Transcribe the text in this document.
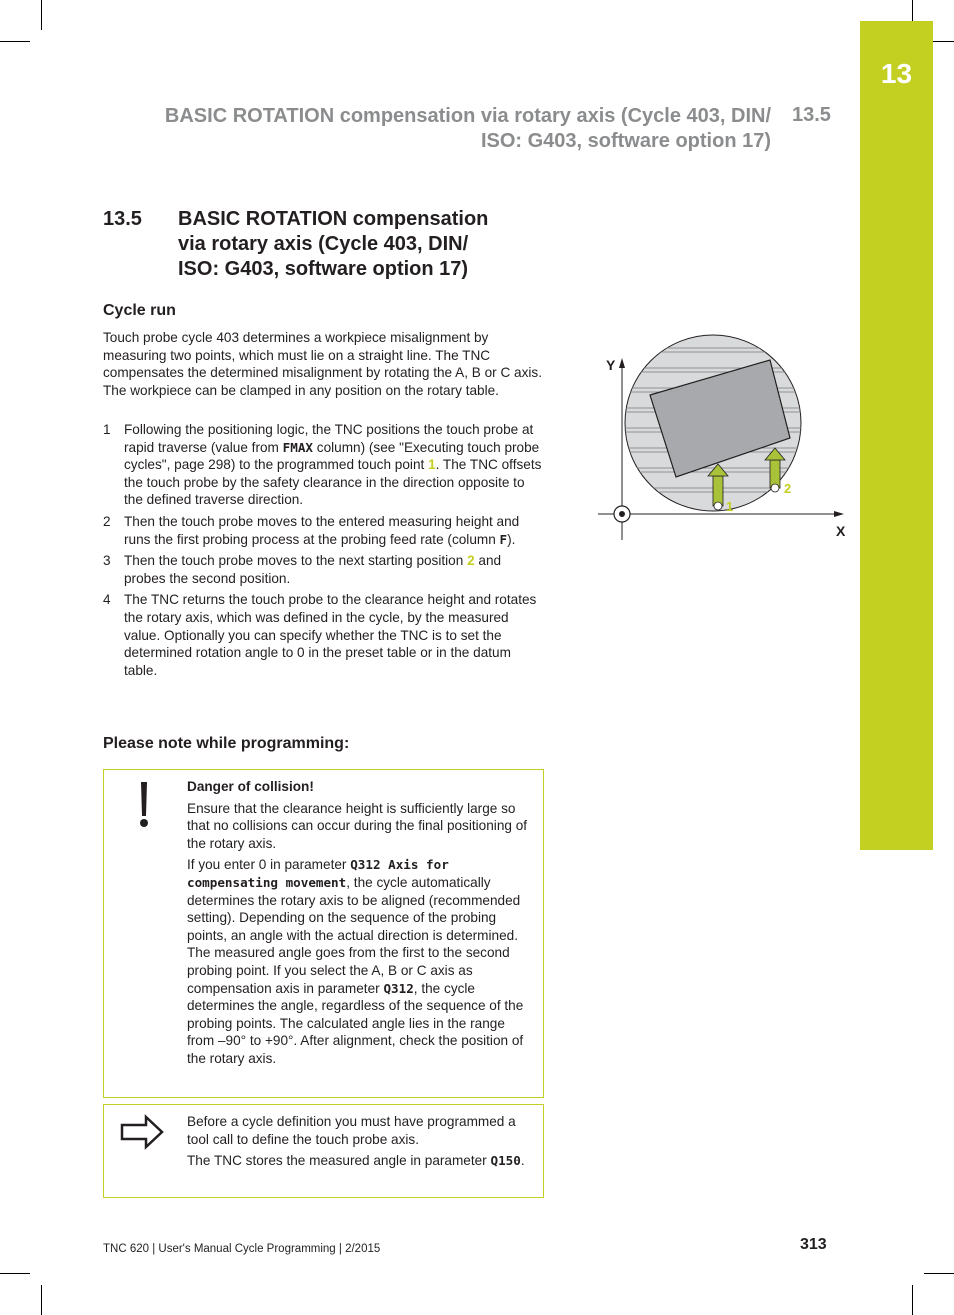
13
BASIC ROTATION compensation via rotary axis (Cycle 403, DIN/
ISO: G403, software option 17)
13.5
13.5 BASIC ROTATION compensation
via rotary axis (Cycle 403, DIN/
ISO: G403, software option 17)
Cycle run
Touch probe cycle 403 determines a workpiece misalignment by measuring two points, which must lie on a straight line. The TNC compensates the determined misalignment by rotating the A, B or C axis. The workpiece can be clamped in any position on the rotary table.
1 Following the positioning logic, the TNC positions the touch probe at rapid traverse (value from FMAX column) (see "Executing touch probe cycles", page 298) to the programmed touch point 1. The TNC offsets the touch probe by the safety clearance in the direction opposite to the defined traverse direction.
2 Then the touch probe moves to the entered measuring height and runs the first probing process at the probing feed rate (column F).
3 Then the touch probe moves to the next starting position 2 and probes the second position.
4 The TNC returns the touch probe to the clearance height and rotates the rotary axis, which was defined in the cycle, by the measured value. Optionally you can specify whether the TNC is to set the determined rotation angle to 0 in the preset table or in the datum table.
Y
X
1
2
Please note while programming:

Danger of collision!

Ensure that the clearance height is sufficiently large so that no collisions can occur during the final positioning of the rotary axis.

If you enter 0 in parameter Q312 Axis for compensating movement, the cycle automatically determines the rotary axis to be aligned (recommended setting). Depending on the sequence of the probing points, an angle with the actual direction is determined. The measured angle goes from the first to the second probing point. If you select the A, B or C axis as compensation axis in parameter Q312, the cycle determines the angle, regardless of the sequence of the probing points. The calculated angle lies in the range from –90° to +90°. After alignment, check the position of the rotary axis.

Before a cycle definition you must have programmed a tool call to define the touch probe axis.

The TNC stores the measured angle in parameter Q150.

TNC 620 | User's Manual Cycle Programming | 2/2015	313
